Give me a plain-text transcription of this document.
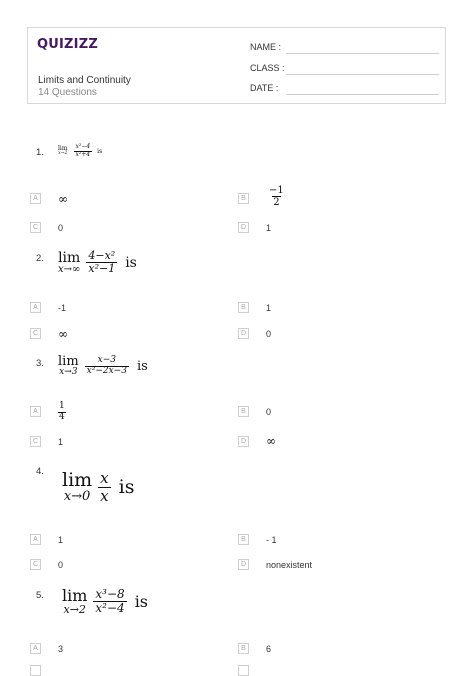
QUIZIZZ
Limits and Continuity
14 Questions
NAME :
CLASS :
DATE :
1. lim
$x\to 2 \frac{\text{x²−4}}{\text{x²+4}}$ is
A ∞	B	$\frac{-1}{2}$
C	0	D	1
2. lim
$x\to\infty \frac{\text{4−x²}}{\text{x²−1}}$ is
A	-1	B	1
C ∞	D	0
3. lim
$x\to 3 \frac{x-3}{\text{x²−2x−3}}$ is
A	$\frac{1}{4}$	B	0
C	1	D ∞
4. lim
$x\to 0 \frac{x}{x}$ is
A	1	B	- 1
C	0	D	nonexistent
5. lim
$x\to 2 \frac{\text{x³−8}}{\text{x²−4}}$ is
A	3	B	6
